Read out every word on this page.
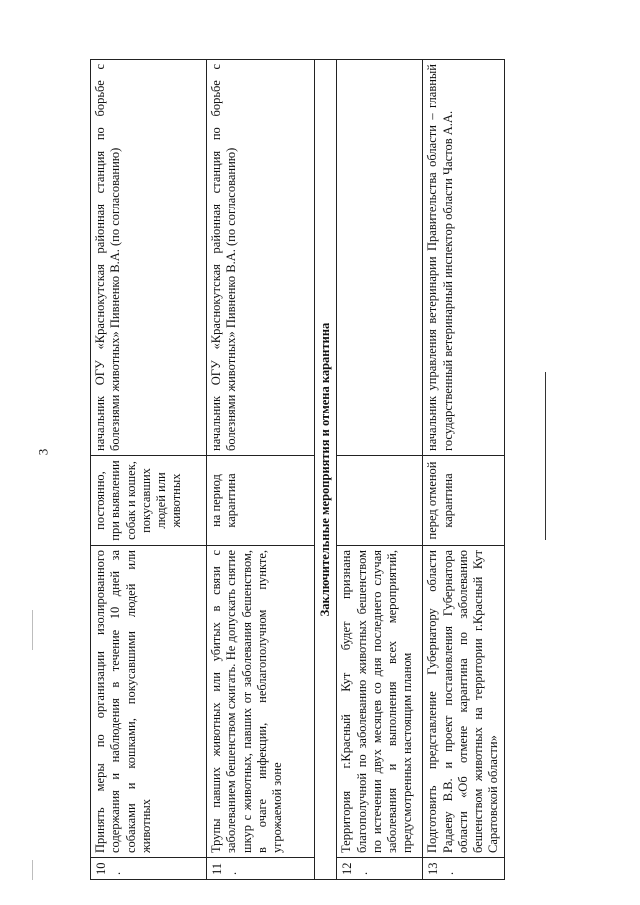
3
10.	Принять меры по организации изолированного содержания и наблюдения в течение 10 дней за собаками и кошками, покусавшими людей или животных	постоянно, при выявлении собак и кошек, покусавших людей или животных	начальник ОГУ «Краснокутская районная станция по борьбе с болезнями животных» Пивненко В.А. (по согласованию)
11.	Трупы павших животных или убитых в связи с заболеванием бешенством сжигать. Не допускать снятие шкур с животных, павших от заболевания бешенством, в очаге инфекции, неблагополучном пункте, угрожаемой зоне	на период карантина	начальник ОГУ «Краснокутская районная станция по борьбе с болезнями животных» Пивненко В.А. (по согласованию)
Заключительные мероприятия и отмена карантина			
12.	Территория г.Красный Кут будет признана благополучной по заболеванию животных бешенством по истечении двух месяцев со дня последнего случая заболевания и выполнения всех мероприятий, предусмотренных настоящим планом		
13.	Подготовить представление Губернатору области Радаеву В.В. и проект постановления Губернатора области «Об отмене карантина по заболеванию бешенством животных на территории г.Красный Кут Саратовской области»	перед отменой карантина	начальник управления ветеринарии Правительства области – главный государственный ветеринарный инспектор области Частов А.А.
